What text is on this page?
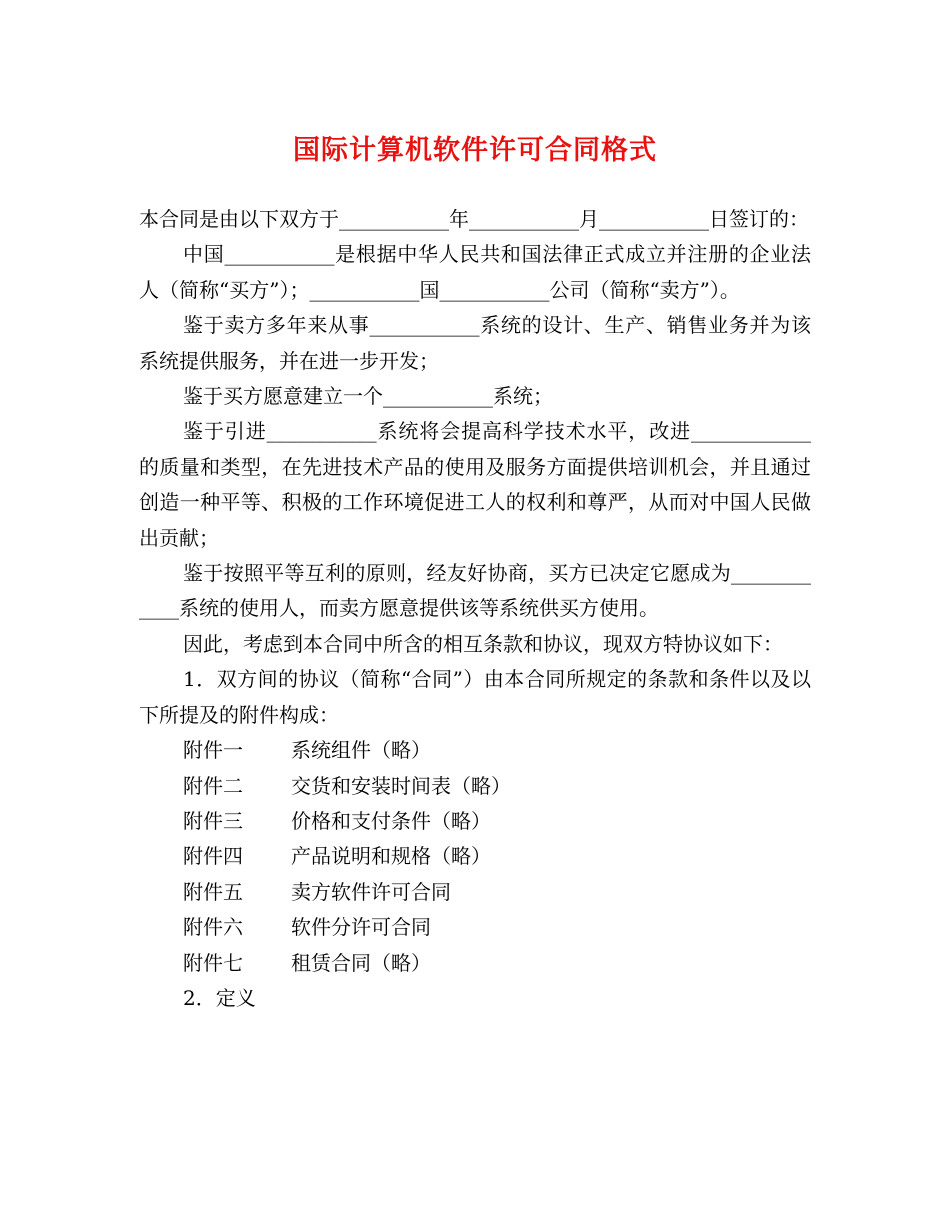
国际计算机软件许可合同格式

本合同是由以下双方于___________年___________月___________日签订的：

中国___________是根据中华人民共和国法律正式成立并注册的企业法人（简称“买方”）；___________国___________公司（简称“卖方”）。

鉴于卖方多年来从事___________系统的设计、生产、销售业务并为该系统提供服务，并在进一步开发；

鉴于买方愿意建立一个___________系统；

鉴于引进___________系统将会提高科学技术水平，改进____________的质量和类型，在先进技术产品的使用及服务方面提供培训机会，并且通过创造一种平等、积极的工作环境促进工人的权利和尊严，从而对中国人民做出贡献；

鉴于按照平等互利的原则，经友好协商，买方已决定它愿成为____________系统的使用人，而卖方愿意提供该等系统供买方使用。

因此，考虑到本合同中所含的相互条款和协议，现双方特协议如下：

1．双方间的协议（简称“合同”）由本合同所规定的条款和条件以及以下所提及的附件构成：

附件一 系统组件（略）

附件二 交货和安装时间表（略）

附件三 价格和支付条件（略）

附件四 产品说明和规格（略）

附件五 卖方软件许可合同

附件六 软件分许可合同

附件七 租赁合同（略）

2．定义
